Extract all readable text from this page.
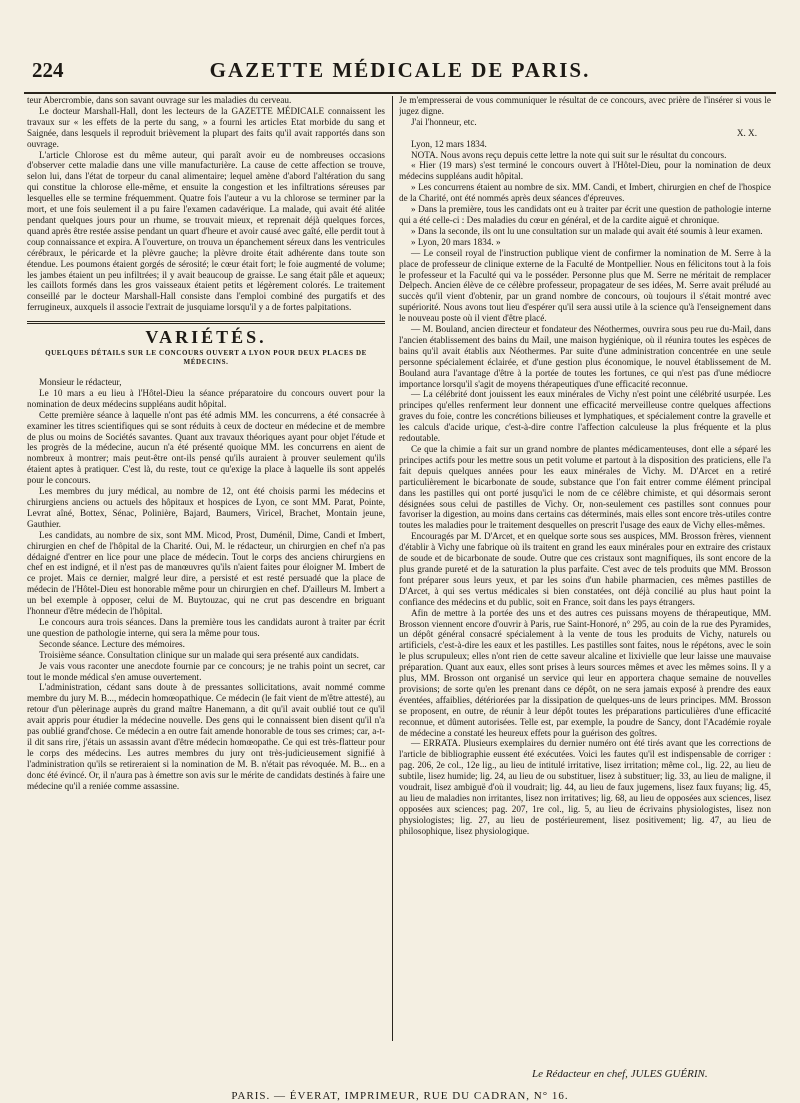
224	GAZETTE MÉDICALE DE PARIS.

teur Abercrombie, dans son savant ouvrage sur les maladies du cerveau.

Le docteur Marshall-Hall, dont les lecteurs de la GAZETTE MÉDICALE connaissent les travaux sur « les effets de la perte du sang, » a fourni les articles Etat morbide du sang et Saignée, dans lesquels il reproduit brièvement la plupart des faits qu'il avait rapportés dans son ouvrage.

L'article Chlorose est du même auteur, qui paraît avoir eu de nombreuses occasions d'observer cette maladie dans une ville manufacturière. La cause de cette affection se trouve, selon lui, dans l'état de torpeur du canal alimentaire; lequel amène d'abord l'altération du sang qui constitue la chlorose elle-même, et ensuite la congestion et les infiltrations séreuses par lesquelles elle se termine fréquemment. Quatre fois l'auteur a vu la chlorose se terminer par la mort, et une fois seulement il a pu faire l'examen cadavérique. La malade, qui avait été alitée pendant quelques jours pour un rhume, se trouvait mieux, et reprenait déjà quelques forces, quand après être restée assise pendant un quart d'heure et avoir causé avec gaîté, elle perdit tout à coup connaissance et expira. A l'ouverture, on trouva un épanchement séreux dans les ventricules cérébraux, le péricarde et la plèvre gauche; la plèvre droite était adhérente dans toute son étendue. Les poumons étaient gorgés de sérosité; le cœur était fort; le foie augmenté de volume; les jambes étaient un peu infiltrées; il y avait beaucoup de graisse. Le sang était pâle et aqueux; les caillots formés dans les gros vaisseaux étaient petits et légèrement colorés. Le traitement conseillé par le docteur Marshall-Hall consiste dans l'emploi combiné des purgatifs et des ferrugineux, auxquels il associe l'extrait de jusquiame lorsqu'il y a de fortes palpitations.

VARIÉTÉS.
QUELQUES DÉTAILS SUR LE CONCOURS OUVERT A LYON POUR DEUX PLACES DE MÉDECINS.

Monsieur le rédacteur,

Le 10 mars a eu lieu à l'Hôtel-Dieu la séance préparatoire du concours ouvert pour la nomination de deux médecins suppléans audit hôpital.

Cette première séance à laquelle n'ont pas été admis MM. les concurrens, a été consacrée à examiner les titres scientifiques qui se sont réduits à ceux de docteur en médecine et de membre de plus ou moins de Sociétés savantes. Quant aux travaux théoriques ayant pour objet l'étude et les progrès de la médecine, aucun n'a été présenté quoique MM. les concurrens en aient de nombreux à montrer; mais peut-être ont-ils pensé qu'ils auraient à prouver seulement qu'ils étaient aptes à pratiquer. C'est là, du reste, tout ce qu'exige la place à laquelle ils sont appelés pour le concours.

Les membres du jury médical, au nombre de 12, ont été choisis parmi les médecins et chirurgiens anciens ou actuels des hôpitaux et hospices de Lyon, ce sont MM. Parat, Pointe, Levrat aîné, Bottex, Sénac, Polinière, Bajard, Baumers, Viricel, Brachet, Montain jeune, Gauthier.

Les candidats, au nombre de six, sont MM. Micod, Prost, Duménil, Dime, Candi et Imbert, chirurgien en chef de l'hôpital de la Charité. Oui, M. le rédacteur, un chirurgien en chef n'a pas dédaigné d'entrer en lice pour une place de médecin. Tout le corps des anciens chirurgiens en chef en est indigné, et il n'est pas de manœuvres qu'ils n'aient faites pour éloigner M. Imbert de ce projet. Mais ce dernier, malgré leur dire, a persisté et est resté persuadé que la place de médecin de l'Hôtel-Dieu est honorable même pour un chirurgien en chef. D'ailleurs M. Imbert a un bel exemple à opposer, celui de M. Buytouzac, qui ne crut pas descendre en briguant l'honneur d'être médecin de l'hôpital.

Le concours aura trois séances. Dans la première tous les candidats auront à traiter par écrit une question de pathologie interne, qui sera la même pour tous.

Seconde séance. Lecture des mémoires.

Troisième séance. Consultation clinique sur un malade qui sera présenté aux candidats.

Je vais vous raconter une anecdote fournie par ce concours; je ne trahis point un secret, car tout le monde médical s'en amuse ouvertement.

L'administration, cédant sans doute à de pressantes sollicitations, avait nommé comme membre du jury M. B..., médecin homœopathique. Ce médecin (le fait vient de m'être attesté), au retour d'un pèlerinage auprès du grand maître Hanemann, a dit qu'il avait oublié tout ce qu'il avait appris pour étudier la médecine nouvelle. Des gens qui le connaissent bien disent qu'il n'a pas oublié grand'chose. Ce médecin a en outre fait amende honorable de tous ses crimes; car, a-t-il dit sans rire, j'étais un assassin avant d'être médecin homœopathe. Ce qui est très-flatteur pour le corps des médecins. Les autres membres du jury ont très-judicieusement signifié à l'administration qu'ils se retireraient si la nomination de M. B. n'était pas révoquée. M. B... en a donc été évincé. Or, il n'aura pas à émettre son avis sur le mérite de candidats destinés à faire une médecine qu'il a reniée comme assassine.

Je m'empresserai de vous communiquer le résultat de ce concours, avec prière de l'insérer si vous le jugez digne.

J'ai l'honneur, etc.

X. X.

Lyon, 12 mars 1834.

NOTA. Nous avons reçu depuis cette lettre la note qui suit sur le résultat du concours.

« Hier (19 mars) s'est terminé le concours ouvert à l'Hôtel-Dieu, pour la nomination de deux médecins suppléans audit hôpital.

» Les concurrens étaient au nombre de six. MM. Candi, et Imbert, chirurgien en chef de l'hospice de la Charité, ont été nommés après deux séances d'épreuves.

» Dans la première, tous les candidats ont eu à traiter par écrit une question de pathologie interne qui a été celle-ci : Des maladies du cœur en général, et de la cardite aiguë et chronique.

» Dans la seconde, ils ont lu une consultation sur un malade qui avait été soumis à leur examen.

» Lyon, 20 mars 1834. »

— Le conseil royal de l'instruction publique vient de confirmer la nomination de M. Serre à la place de professeur de clinique externe de la Faculté de Montpellier. Nous en félicitons tout à la fois le professeur et la Faculté qui va le posséder. Personne plus que M. Serre ne méritait de remplacer Delpech. Ancien élève de ce célèbre professeur, propagateur de ses idées, M. Serre avait préludé au succès qu'il vient d'obtenir, par un grand nombre de concours, où toujours il s'était montré avec supériorité. Nous avons tout lieu d'espérer qu'il sera aussi utile à la science qu'à l'enseignement dans le nouveau poste où il vient d'être placé.

— M. Bouland, ancien directeur et fondateur des Néothermes, ouvrira sous peu rue du-Mail, dans l'ancien établissement des bains du Mail, une maison hygiénique, où il réunira toutes les espèces de bains qu'il avait établis aux Néothermes. Par suite d'une administration concentrée en une seule personne spécialement éclairée, et d'une gestion plus économique, le nouvel établissement de M. Bouland aura l'avantage d'être à la portée de toutes les fortunes, ce qui n'est pas d'une médiocre importance lorsqu'il s'agit de moyens thérapeutiques d'une efficacité reconnue.

— La célébrité dont jouissent les eaux minérales de Vichy n'est point une célébrité usurpée. Les principes qu'elles renferment leur donnent une efficacité merveilleuse contre quelques affections graves du foie, contre les concrétions bilieuses et lymphatiques, et spécialement contre la gravelle et les calculs d'acide urique, c'est-à-dire contre l'affection calculeuse la plus fréquente et la plus redoutable.

Ce que la chimie a fait sur un grand nombre de plantes médicamenteuses, dont elle a séparé les principes actifs pour les mettre sous un petit volume et partout à la disposition des praticiens, elle l'a fait depuis quelques années pour les eaux minérales de Vichy. M. D'Arcet en a retiré particulièrement le bicarbonate de soude, substance que l'on fait entrer comme élément principal dans les pastilles qui ont porté jusqu'ici le nom de ce célèbre chimiste, et qui désormais seront désignées sous celui de pastilles de Vichy. Or, non-seulement ces pastilles sont connues pour favoriser la digestion, au moins dans certains cas déterminés, mais elles sont encore très-utiles contre toutes les maladies pour le traitement desquelles on prescrit l'usage des eaux de Vichy elles-mêmes.

Encouragés par M. D'Arcet, et en quelque sorte sous ses auspices, MM. Brosson frères, viennent d'établir à Vichy une fabrique où ils traitent en grand les eaux minérales pour en extraire des cristaux de soude et de bicarbonate de soude. Outre que ces cristaux sont magnifiques, ils sont encore de la plus grande pureté et de la saturation la plus parfaite. C'est avec de tels produits que MM. Brosson font préparer sous leurs yeux, et par les soins d'un habile pharmacien, ces mêmes pastilles de D'Arcet, à qui ses vertus médicales si bien constatées, ont déjà concilié au plus haut point la confiance des médecins et du public, soit en France, soit dans les pays étrangers.

Afin de mettre à la portée des uns et des autres ces puissans moyens de thérapeutique, MM. Brosson viennent encore d'ouvrir à Paris, rue Saint-Honoré, n° 295, au coin de la rue des Pyramides, un dépôt général consacré spécialement à la vente de tous les produits de Vichy, naturels ou artificiels, c'est-à-dire les eaux et les pastilles. Les pastilles sont faites, nous le répétons, avec le soin le plus scrupuleux; elles n'ont rien de cette saveur alcaline et lixivielle que leur laisse une mauvaise préparation. Quant aux eaux, elles sont prises à leurs sources mêmes et avec les mêmes soins. Il y a plus, MM. Brosson ont organisé un service qui leur en apportera chaque semaine de nouvelles provisions; de sorte qu'en les prenant dans ce dépôt, on ne sera jamais exposé à prendre des eaux éventées, affaiblies, détériorées par la dissipation de quelques-uns de leurs principes. MM. Brosson se proposent, en outre, de réunir à leur dépôt toutes les préparations particulières d'une efficacité reconnue, et dûment autorisées. Telle est, par exemple, la poudre de Sancy, dont l'Académie royale de médecine a constaté les heureux effets pour la guérison des goîtres.

— ERRATA. Plusieurs exemplaires du dernier numéro ont été tirés avant que les corrections de l'article de bibliographie eussent été exécutées. Voici les fautes qu'il est indispensable de corriger : pag. 206, 2e col., 12e lig., au lieu de intitulé irritative, lisez irritation; même col., lig. 22, au lieu de subtile, lisez humide; lig. 24, au lieu de ou substituer, lisez à substituer; lig. 33, au lieu de maligne, il voudrait, lisez ambiguë d'où il voudrait; lig. 44, au lieu de faux jugemens, lisez faux fuyans; lig. 45, au lieu de maladies non irritantes, lisez non irritatives; lig. 68, au lieu de opposées aux sciences, lisez opposées aux sciences; pag. 207, 1re col., lig. 5, au lieu de écrivains physiologistes, lisez non physiologistes; lig. 27, au lieu de postérieurement, lisez positivement; lig. 47, au lieu de philosophique, lisez physiologique.

Le Rédacteur en chef, JULES GUÉRIN.
PARIS. — ÉVERAT, IMPRIMEUR, RUE DU CADRAN, N° 16.
